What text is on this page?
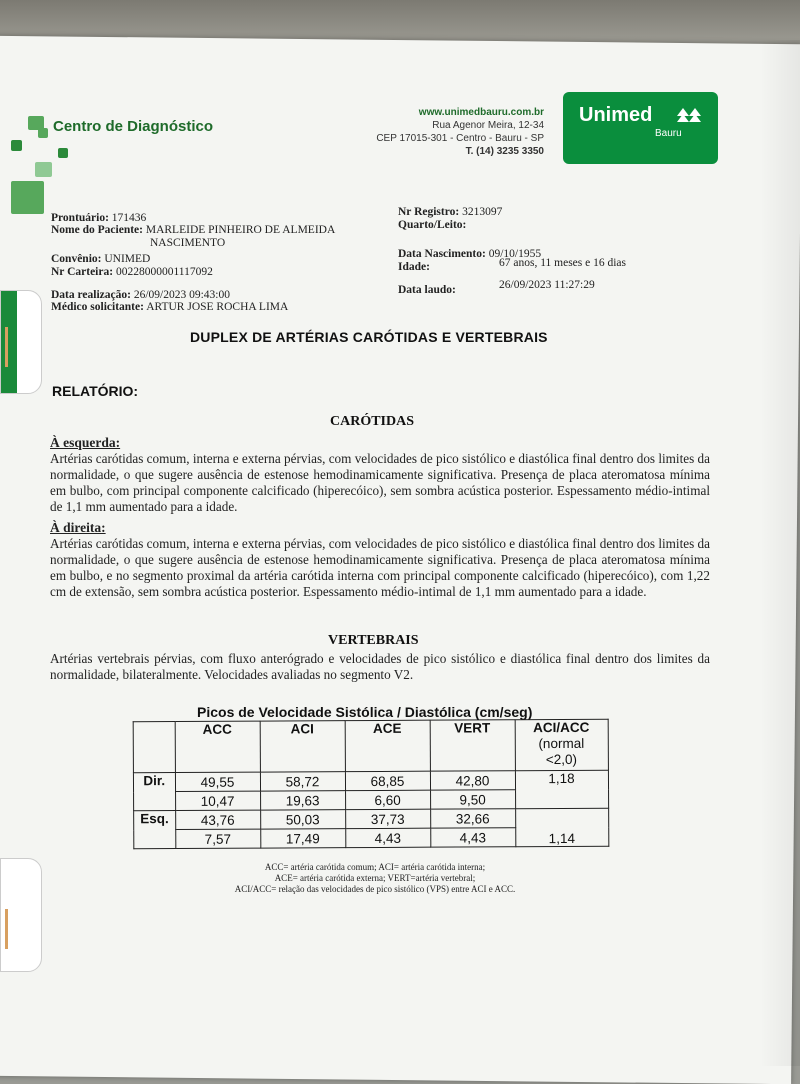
Centro de Diagnóstico
www.unimedbauru.com.br
Rua Agenor Meira, 12-34
CEP 17015-301 - Centro - Bauru - SP
T. (14) 3235 3350
Unimed
Bauru
Prontuário: 171436
Nome do Paciente: MARLEIDE PINHEIRO DE ALMEIDA
NASCIMENTO
Convênio: UNIMED
Nr Carteira: 00228000001117092
Data realização: 26/09/2023 09:43:00
Médico solicitante: ARTUR JOSE ROCHA LIMA
Nr Registro: 3213097
Quarto/Leito:
Data Nascimento: 09/10/1955
Idade:	67 anos, 11 meses e 16 dias
Data laudo:	26/09/2023 11:27:29
DUPLEX DE ARTÉRIAS CARÓTIDAS E VERTEBRAIS
RELATÓRIO:
CARÓTIDAS
À esquerda:
Artérias carótidas comum, interna e externa pérvias, com velocidades de pico sistólico e diastólica final dentro dos limites da normalidade, o que sugere ausência de estenose hemodinamicamente significativa. Presença de placa ateromatosa mínima em bulbo, com principal componente calcificado (hiperecóico), sem sombra acústica posterior. Espessamento médio-intimal de 1,1 mm aumentado para a idade.
À direita:
Artérias carótidas comum, interna e externa pérvias, com velocidades de pico sistólico e diastólica final dentro dos limites da normalidade, o que sugere ausência de estenose hemodinamicamente significativa. Presença de placa ateromatosa mínima em bulbo, e no segmento proximal da artéria carótida interna com principal componente calcificado (hiperecóico), com 1,22 cm de extensão, sem sombra acústica posterior. Espessamento médio-intimal de 1,1 mm aumentado para a idade.
VERTEBRAIS
Artérias vertebrais pérvias, com fluxo anterógrado e velocidades de pico sistólico e diastólica final dentro dos limites da normalidade, bilateralmente. Velocidades avaliadas no segmento V2.
Picos de Velocidade Sistólica / Diastólica (cm/seg)
	ACC	ACI	ACE	VERT	ACI/ACC
(normal
<2,0)

Dir.	49,55	58,72	68,85	42,80	1,18
	10,47	19,63	6,60	9,50	
Esq.	43,76	50,03	37,73	32,66	1,14
	7,57	17,49	4,43	4,43	
ACC= artéria carótida comum; ACI= artéria carótida interna;
ACE= artéria carótida externa; VERT=artéria vertebral;
ACI/ACC= relação das velocidades de pico sistólico (VPS) entre ACI e ACC.
